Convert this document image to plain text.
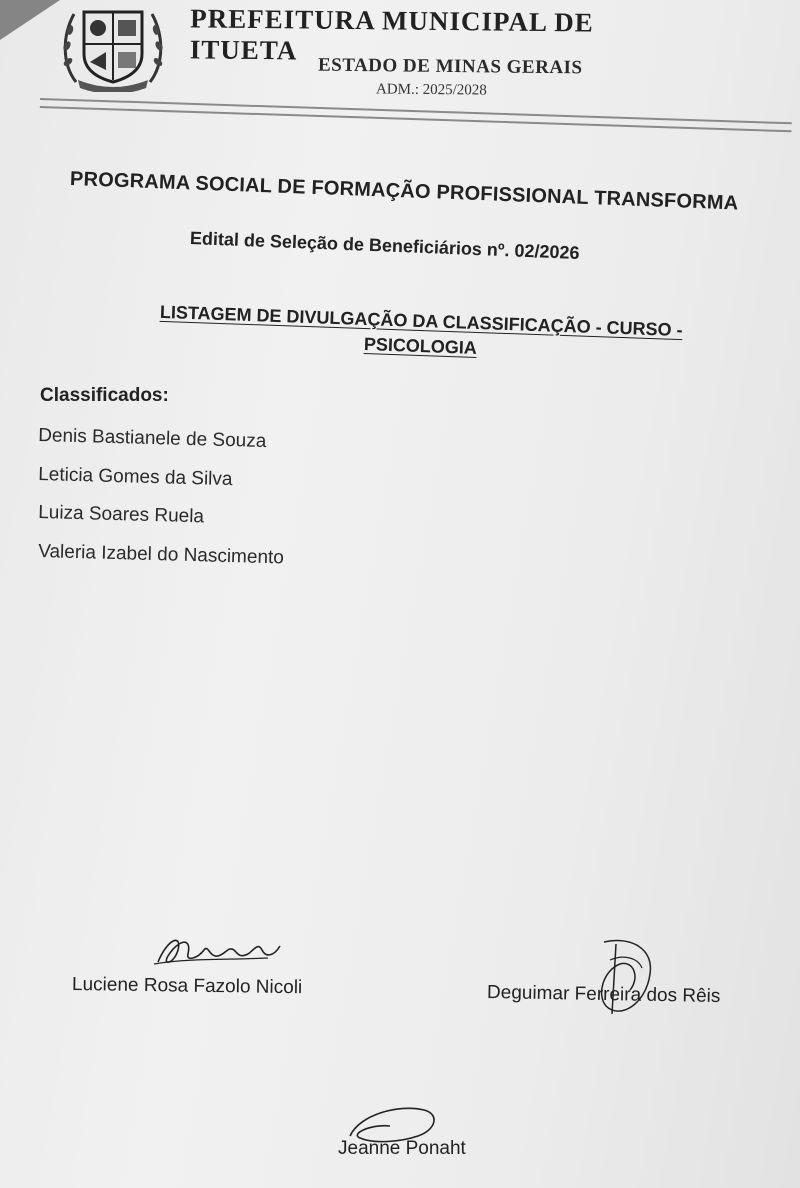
PREFEITURA MUNICIPAL DE ITUETA
ESTADO DE MINAS GERAIS
ADM.: 2025/2028
PROGRAMA SOCIAL DE FORMAÇÃO PROFISSIONAL TRANSFORMA
Edital de Seleção de Beneficiários nº. 02/2026
LISTAGEM DE DIVULGAÇÃO DA CLASSIFICAÇÃO - CURSO -
PSICOLOGIA
Classificados:
Denis Bastianele de Souza
Leticia Gomes da Silva
Luiza Soares Ruela
Valeria Izabel do Nascimento
Luciene Rosa Fazolo Nicoli	Deguimar Ferreira dos Rêis
Jeanne Ponaht
